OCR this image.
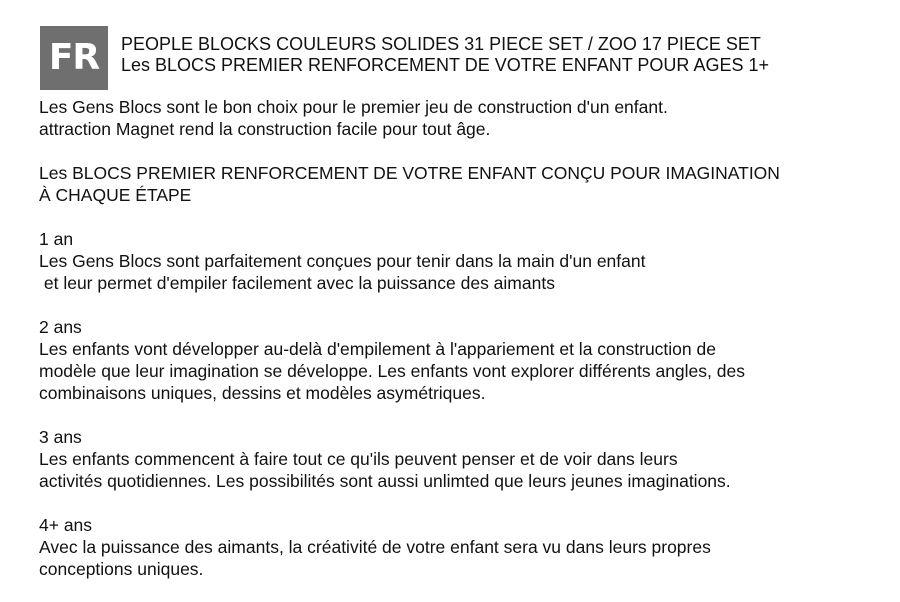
FR	PEOPLE BLOCKS COULEURS SOLIDES 31 PIECE SET / ZOO 17 PIECE SET
Les BLOCS PREMIER RENFORCEMENT DE VOTRE ENFANT POUR AGES 1+
Les Gens Blocs sont le bon choix pour le premier jeu de construction d'un enfant.
attraction Magnet rend la construction facile pour tout âge.
Les BLOCS PREMIER RENFORCEMENT DE VOTRE ENFANT CONÇU POUR IMAGINATION
À CHAQUE ÉTAPE
1 an
Les Gens Blocs sont parfaitement conçues pour tenir dans la main d'un enfant
et leur permet d'empiler facilement avec la puissance des aimants
2 ans
Les enfants vont développer au-delà d'empilement à l'appariement et la construction de
modèle que leur imagination se développe. Les enfants vont explorer différents angles, des
combinaisons uniques, dessins et modèles asymétriques.
3 ans
Les enfants commencent à faire tout ce qu'ils peuvent penser et de voir dans leurs
activités quotidiennes. Les possibilités sont aussi unlimted que leurs jeunes imaginations.
4+ ans
Avec la puissance des aimants, la créativité de votre enfant sera vu dans leurs propres
conceptions uniques.
